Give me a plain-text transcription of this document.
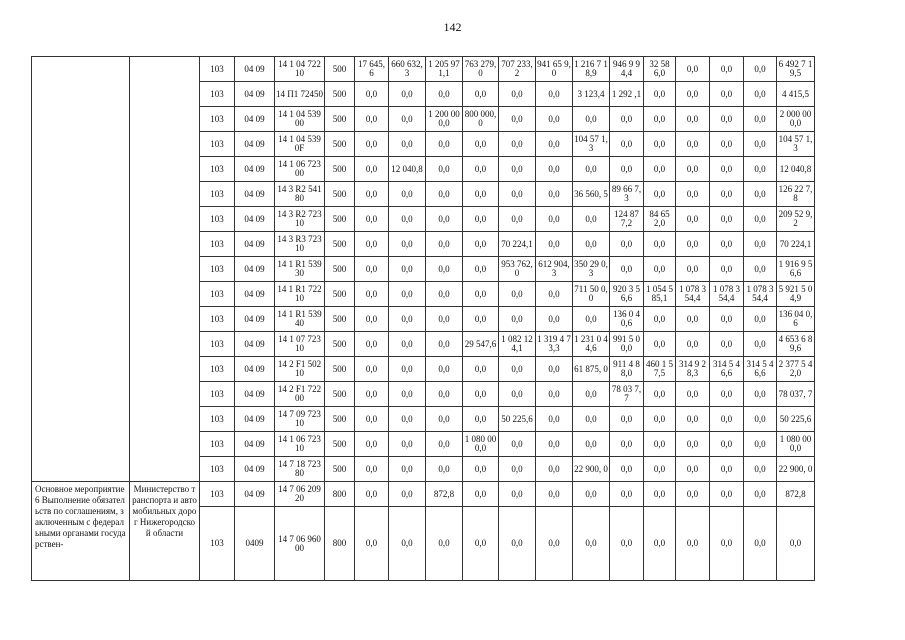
142
		103	04 09	14 1 04 72210	500	17 645,6	660 632,3	1 205 971,1	763 279,0	707 233,2	941 65 9,0	1 216 7 18,9	946 9 94,4	32 58 6,0	0,0	0,0	0,0	6 492 7 19,5
		103	04 09	14 П1 72450	500	0,0	0,0	0,0	0,0	0,0	0,0	3 123,4	1 292 ,1	0,0	0,0	0,0	0,0	4 415,5
		103	04 09	14 1 04 53900	500	0,0	0,0	1 200 000,0	800 000,0	0,0	0,0	0,0	0,0	0,0	0,0	0,0	0,0	2 000 000,0
		103	04 09	14 1 04 5390F	500	0,0	0,0	0,0	0,0	0,0	0,0	104 57 1,3	0,0	0,0	0,0	0,0	0,0	104 57 1,3
		103	04 09	14 1 06 72300	500	0,0	12 040,8	0,0	0,0	0,0	0,0	0,0	0,0	0,0	0,0	0,0	0,0	12 040,8
		103	04 09	14 3 R2 54180	500	0,0	0,0	0,0	0,0	0,0	0,0	36 560, 5	89 66 7,3	0,0	0,0	0,0	0,0	126 22 7,8
		103	04 09	14 3 R2 72310	500	0,0	0,0	0,0	0,0	0,0	0,0	0,0	124 877,2	84 65 2,0	0,0	0,0	0,0	209 52 9,2
		103	04 09	14 3 R3 72310	500	0,0	0,0	0,0	0,0	70 224,1	0,0	0,0	0,0	0,0	0,0	0,0	0,0	70 224,1
		103	04 09	14 1 R1 53930	500	0,0	0,0	0,0	0,0	953 762,0	612 904,3	350 29 0,3	0,0	0,0	0,0	0,0	0,0	1 916 9 56,6
		103	04 09	14 1 R1 72210	500	0,0	0,0	0,0	0,0	0,0	0,0	711 50 0,0	920 3 56,6	1 054 585,1	1 078 354,4	1 078 354,4	1 078 354,4	5 921 5 04,9
		103	04 09	14 1 R1 53940	500	0,0	0,0	0,0	0,0	0,0	0,0	0,0	136 0 40,6	0,0	0,0	0,0	0,0	136 04 0,6
		103	04 09	14 1 07 72310	500	0,0	0,0	0,0	29 547,6	1 082 124,1	1 319 4 73,3	1 231 0 44,6	991 5 00,0	0,0	0,0	0,0	0,0	4 653 6 89,6
		103	04 09	14 2 F1 50210	500	0,0	0,0	0,0	0,0	0,0	0,0	61 875, 0	911 4 88,0	460 1 57,5	314 9 28,3	314 5 46,6	314 5 46,6	2 377 5 42,0
		103	04 09	14 2 F1 72200	500	0,0	0,0	0,0	0,0	0,0	0,0	0,0	78 03 7,7	0,0	0,0	0,0	0,0	78 037, 7
		103	04 09	14 7 09 72310	500	0,0	0,0	0,0	0,0	50 225,6	0,0	0,0	0,0	0,0	0,0	0,0	0,0	50 225,6
		103	04 09	14 1 06 72310	500	0,0	0,0	0,0	1 080 000,0	0,0	0,0	0,0	0,0	0,0	0,0	0,0	0,0	1 080 000,0
		103	04 09	14 7 18 72380	500	0,0	0,0	0,0	0,0	0,0	0,0	22 900, 0	0,0	0,0	0,0	0,0	0,0	22 900, 0
Основное мероприятие 6 Выполнение обязательств по соглашениям, заключенным с федеральными органами государствен-	Министерство транспорта и автомобильных дорог Нижегородской области	103	04 09	14 7 06 20920	800	0,0	0,0	872,8	0,0	0,0	0,0	0,0	0,0	0,0	0,0	0,0	0,0	872,8
		103	0409	14 7 06 96000	800	0,0	0,0	0,0	0,0	0,0	0,0	0,0	0,0	0,0	0,0	0,0	0,0	0,0
